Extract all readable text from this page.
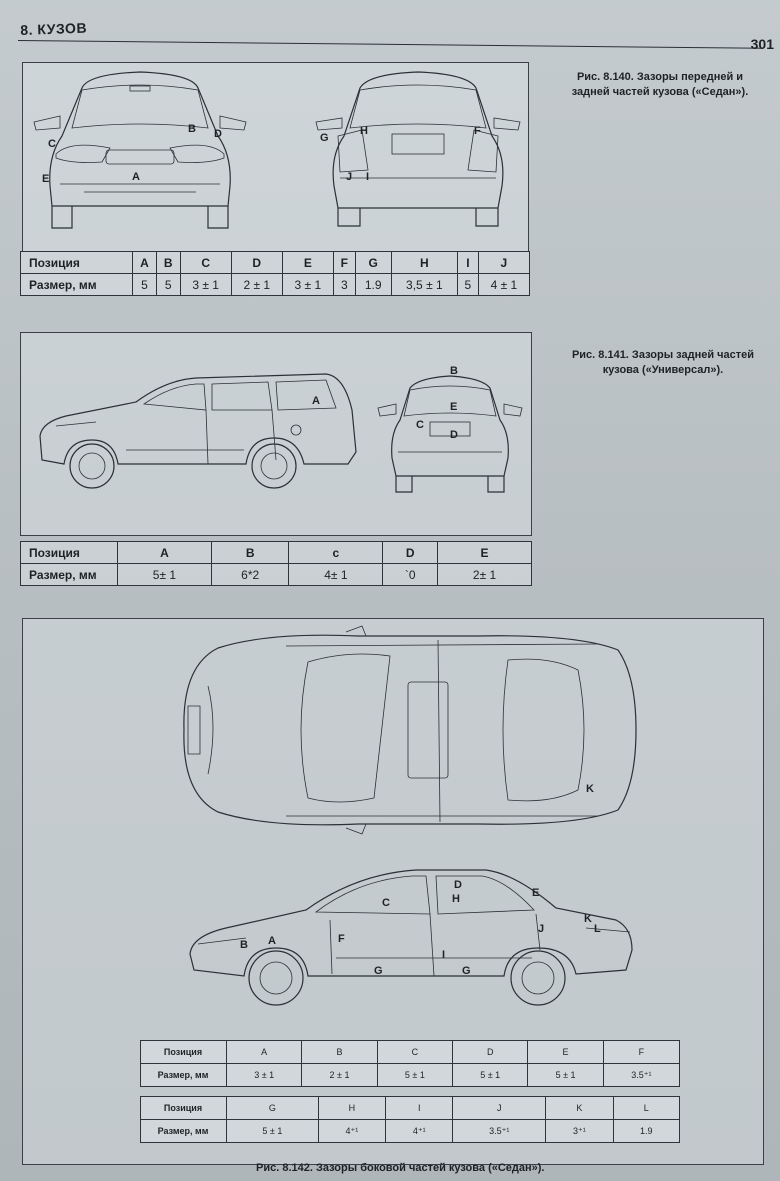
8. КУЗОВ
301
C
B D
E	A
G
H	F
J I
Рис. 8.140. Зазоры передней и задней частей кузова («Седан»).
Позиция	A	B	C	D	E	F	G	H	I	J
Размер, мм	5	5	3 ± 1	2 ± 1	3 ± 1	3	1.9	3,5 ± 1	5	4 ± 1
A
B
C
E
D
Рис. 8.141. Зазоры задней частей кузова («Универсал»).
Позиция	A	B	c	D	E
Размер, мм	5± 1	6*2	4± 1	`0	2± 1
K
C
D
H	E
K
L
B A	F
J
I
G	G
Позиция	A	B	C	D	E	F
Размер, мм	3 ± 1	2 ± 1	5 ± 1	5 ± 1	5 ± 1	3.5⁺¹
Позиция	G	H	I	J	K	L
Размер, мм	5 ± 1	4⁺¹	4⁺¹	3.5⁺¹	3⁺¹	1.9
Рис. 8.142. Зазоры боковой частей кузова («Седан»).
